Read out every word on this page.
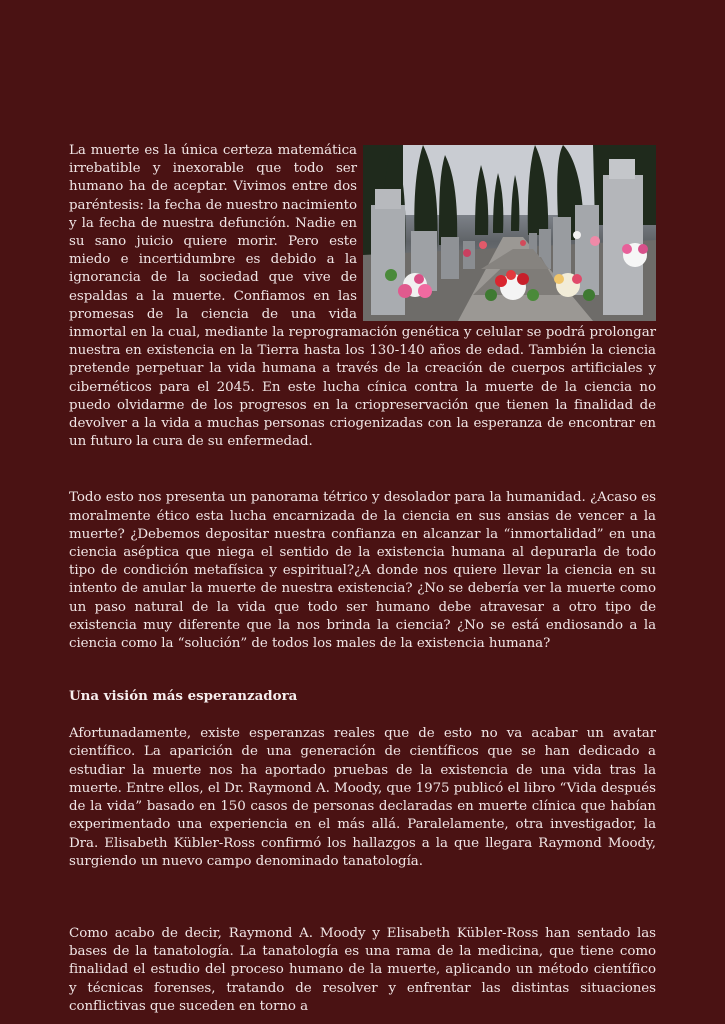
La muerte es la única certeza matemática irrebatible y inexorable que todo ser humano ha de aceptar. Vivimos entre dos paréntesis: la fecha de nuestro nacimiento y la fecha de nuestra defunción. Nadie en su sano juicio quiere morir. Pero este miedo e incertidumbre es debido a la ignorancia de la sociedad que vive de espaldas a la muerte. Confiamos en las promesas de la ciencia de una vida inmortal en la cual, mediante la reprogramación genética y celular se podrá prolongar nuestra en existencia en la Tierra hasta los 130-140 años de edad. También la ciencia pretende perpetuar la vida humana a través de la creación de cuerpos artificiales y cibernéticos para el 2045. En este lucha cínica contra la muerte de la ciencia no puedo olvidarme de los progresos en la criopreservación que tienen la finalidad de devolver a la vida a muchas personas criogenizadas con la esperanza de encontrar en un futuro la cura de su enfermedad.

Todo esto nos presenta un panorama tétrico y desolador para la humanidad. ¿Acaso es moralmente ético esta lucha encarnizada de la ciencia en sus ansias de vencer a la muerte? ¿Debemos depositar nuestra confianza en alcanzar la “inmortalidad” en una ciencia aséptica que niega el sentido de la existencia humana al depurarla de todo tipo de condición metafísica y espiritual?¿A donde nos quiere llevar la ciencia en su intento de anular la muerte de nuestra existencia? ¿No se debería ver la muerte como un paso natural de la vida que todo ser humano debe atravesar a otro tipo de existencia muy diferente que la nos brinda la ciencia? ¿No se está endiosando a la ciencia como la “solución” de todos los males de la existencia humana?

Una visión más esperanzadora

Afortunadamente, existe esperanzas reales que de esto no va acabar un avatar científico. La aparición de una generación de científicos que se han dedicado a estudiar la muerte nos ha aportado pruebas de la existencia de una vida tras la muerte. Entre ellos, el Dr. Raymond A. Moody, que 1975 publicó el libro “Vida después de la vida” basado en 150 casos de personas declaradas en muerte clínica que habían experimentado una experiencia en el más allá. Paralelamente, otra investigador, la Dra. Elisabeth Kübler-Ross confirmó los hallazgos a la que llegara Raymond Moody, surgiendo un nuevo campo denominado tanatología.

Como acabo de decir, Raymond A. Moody y Elisabeth Kübler-Ross han sentado las bases de la tanatología. La tanatología es una rama de la medicina, que tiene como finalidad el estudio del proceso humano de la muerte, aplicando un método científico y técnicas forenses, tratando de resolver y enfrentar las distintas situaciones conflictivas que suceden en torno a
